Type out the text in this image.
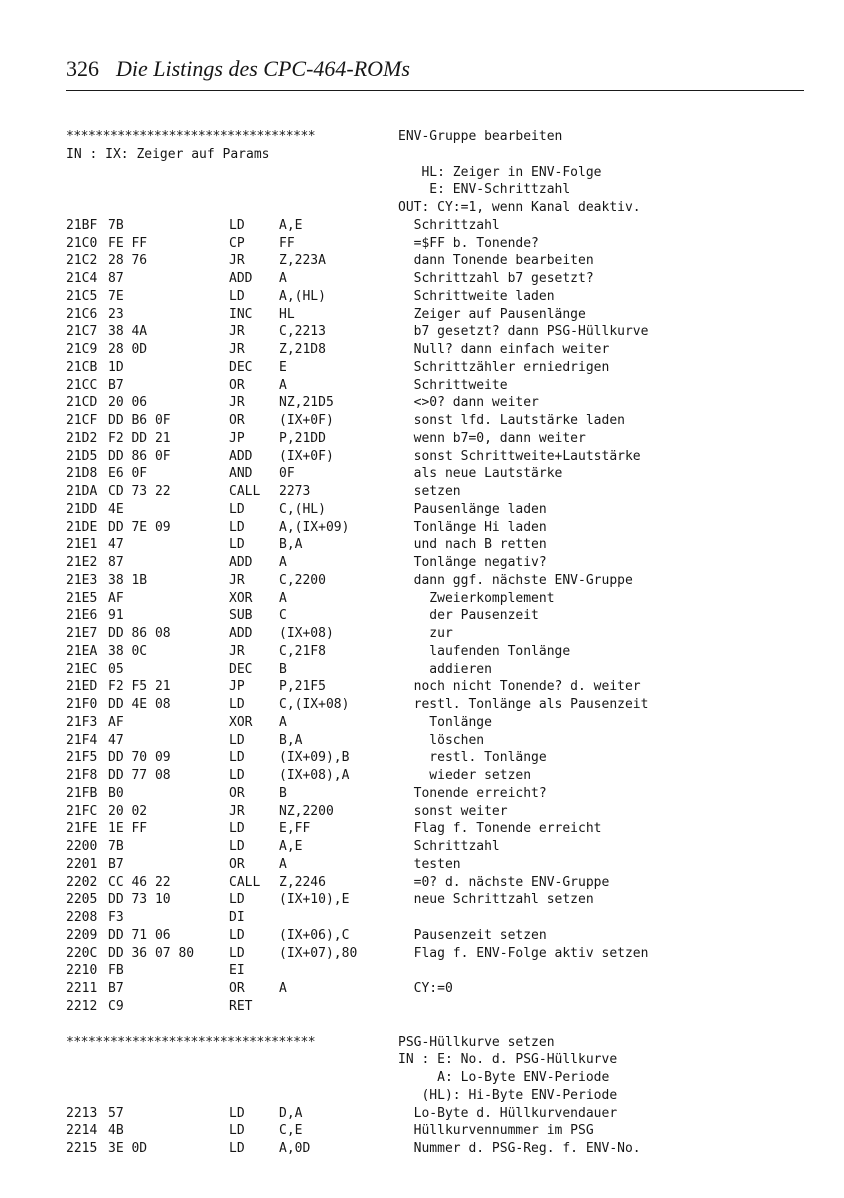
326 Die Listings des CPC-464-ROMs
**********************************	ENV-Gruppe bearbeiten
IN : IX: Zeiger auf Params
HL: Zeiger in ENV-Folge
E: ENV-Schrittzahl
OUT: CY:=1, wenn Kanal deaktiv.
21BF 7B	LD	A,E	Schrittzahl
21C0 FE FF	CP	FF	=$FF b. Tonende?
21C2 28 76	JR	Z,223A	dann Tonende bearbeiten
21C4 87	ADD A	Schrittzahl b7 gesetzt?
21C5 7E	LD	A,(HL)	Schrittweite laden
21C6 23	INC HL	Zeiger auf Pausenlänge
21C7 38 4A	JR	C,2213	b7 gesetzt? dann PSG-Hüllkurve
21C9 28 0D	JR	Z,21D8	Null? dann einfach weiter
21CB 1D	DEC E	Schrittzähler erniedrigen
21CC B7	OR	A	Schrittweite
21CD 20 06	JR	NZ,21D5	<>0? dann weiter
21CF DD B6 0F	OR	(IX+0F)	sonst lfd. Lautstärke laden
21D2 F2 DD 21	JP	P,21DD	wenn b7=0, dann weiter
21D5 DD 86 0F	ADD (IX+0F)	sonst Schrittweite+Lautstärke
21D8 E6 0F	AND 0F	als neue Lautstärke
21DA CD 73 22	CALL 2273	setzen
21DD 4E	LD	C,(HL)	Pausenlänge laden
21DE DD 7E 09	LD	A,(IX+09)	Tonlänge Hi laden
21E1 47	LD	B,A	und nach B retten
21E2 87	ADD A	Tonlänge negativ?
21E3 38 1B	JR	C,2200	dann ggf. nächste ENV-Gruppe
21E5 AF	XOR A	Zweierkomplement
21E6 91	SUB C	der Pausenzeit
21E7 DD 86 08	ADD (IX+08)	zur
21EA 38 0C	JR	C,21F8	laufenden Tonlänge
21EC 05	DEC B	addieren
21ED F2 F5 21	JP	P,21F5	noch nicht Tonende? d. weiter
21F0 DD 4E 08	LD	C,(IX+08)	restl. Tonlänge als Pausenzeit
21F3 AF	XOR A	Tonlänge
21F4 47	LD	B,A	löschen
21F5 DD 70 09	LD	(IX+09),B	restl. Tonlänge
21F8 DD 77 08	LD	(IX+08),A	wieder setzen
21FB B0	OR	B	Tonende erreicht?
21FC 20 02	JR	NZ,2200	sonst weiter
21FE 1E FF	LD	E,FF	Flag f. Tonende erreicht
2200 7B	LD	A,E	Schrittzahl
2201 B7	OR	A	testen
2202 CC 46 22	CALL Z,2246	=0? d. nächste ENV-Gruppe
2205 DD 73 10	LD	(IX+10),E	neue Schrittzahl setzen
2208 F3	DI
2209 DD 71 06	LD	(IX+06),C	Pausenzeit setzen
220C DD 36 07 80	LD	(IX+07),80	Flag f. ENV-Folge aktiv setzen
2210 FB	EI
2211 B7	OR	A	CY:=0
2212 C9	RET
**********************************	PSG-Hüllkurve setzen
IN : E: No. d. PSG-Hüllkurve
A: Lo-Byte ENV-Periode
(HL): Hi-Byte ENV-Periode
2213 57	LD	D,A	Lo-Byte d. Hüllkurvendauer
2214 4B	LD	C,E	Hüllkurvennummer im PSG
2215 3E 0D	LD	A,0D	Nummer d. PSG-Reg. f. ENV-No.
